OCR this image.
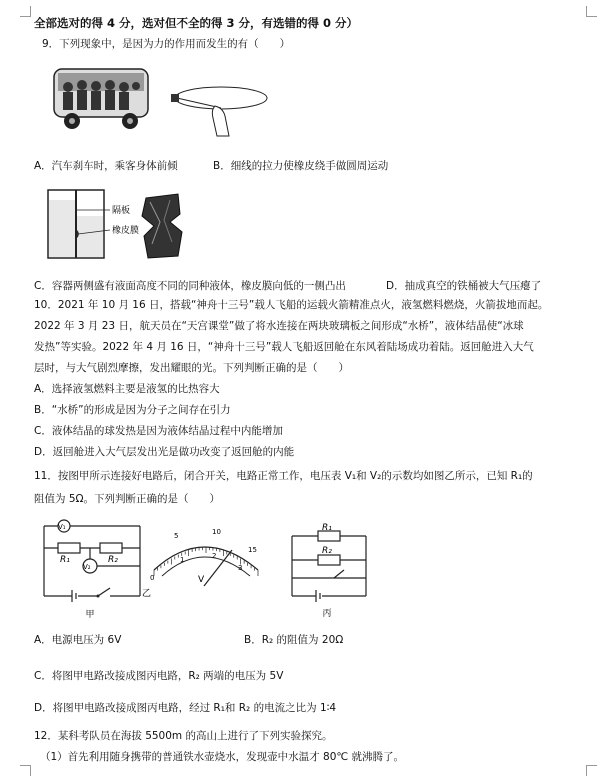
全部选对的得 4 分，选对但不全的得 3 分，有选错的得 0 分）
9．下列现象中，是因为力的作用而发生的有（　　）
A．汽车刹车时，乘客身体前倾	B．细线的拉力使橡皮绕手做圆周运动
隔板
橡皮膜
C．容器两侧盛有液面高度不同的同种液体，橡皮膜向低的一侧凸出	D．抽成真空的铁桶被大气压瘪了
10．2021 年 10 月 16 日，搭载“神舟十三号”载人飞船的运载火箭精准点火，液氢燃料燃烧，火箭拔地而起。
2022 年 3 月 23 日，航天员在“天宫课堂”做了将水连接在两块玻璃板之间形成“水桥”，液体结晶使“冰球
发热”等实验。2022 年 4 月 16 日，“神舟十三号”载人飞船返回舱在东风着陆场成功着陆。返回舱进入大气
层时，与大气剧烈摩擦，发出耀眼的光。下列判断正确的是（　　）
A．选择液氢燃料主要是液氢的比热容大
B．“水桥”的形成是因为分子之间存在引力
C．液体结晶的球发热是因为液体结晶过程中内能增加
D．返回舱进入大气层发出光是做功改变了返回舱的内能
11．按图甲所示连接好电路后，闭合开关，电路正常工作，电压表 V₁和 V₂的示数均如图乙所示，已知 R₁的
阻值为 5Ω。下列判断正确的是（　　）
V₁
V₂
R₁	R₂
甲
5	10
15
0
1	2
3
V
乙
R₁
R₂
丙
A．电源电压为 6V	B．R₂ 的阻值为 20Ω
C．将图甲电路改接成图丙电路，R₂ 两端的电压为 5V
D．将图甲电路改接成图丙电路，经过 R₁和 R₂ 的电流之比为 1∶4
12．某科考队员在海拔 5500m 的高山上进行了下列实验探究。
（1）首先利用随身携带的普通铁水壶烧水，发现壶中水温才 80℃ 就沸腾了。
